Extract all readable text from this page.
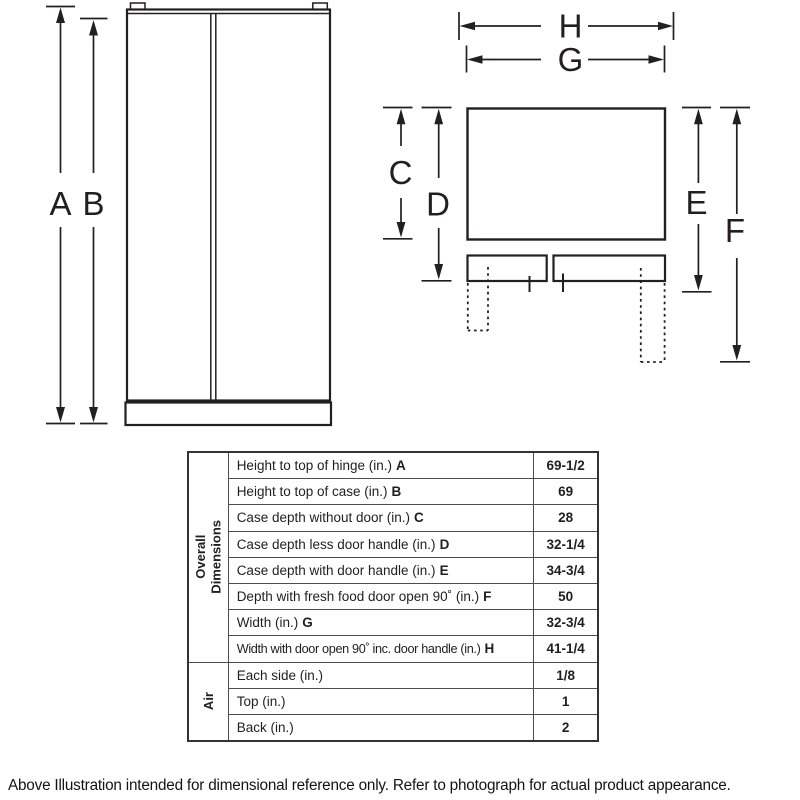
A B
H
G
C
D	E
F
Overall
Dimensions	Height to top of hinge (in.) A	69-1/2
	Height to top of case (in.) B	69
	Case depth without door (in.) C	28
	Case depth less door handle (in.) D	32-1/4
	Case depth with door handle (in.) E	34-3/4
	Depth with fresh food door open 90˚ (in.) F	50
	Width (in.) G	32-3/4
	Width with door open 90˚ inc. door handle (in.) H	41-1/4

Air	Each side (in.)	1/8
	Top (in.)	1
	Back (in.)	2
Above Illustration intended for dimensional reference only. Refer to photograph for actual product appearance.
